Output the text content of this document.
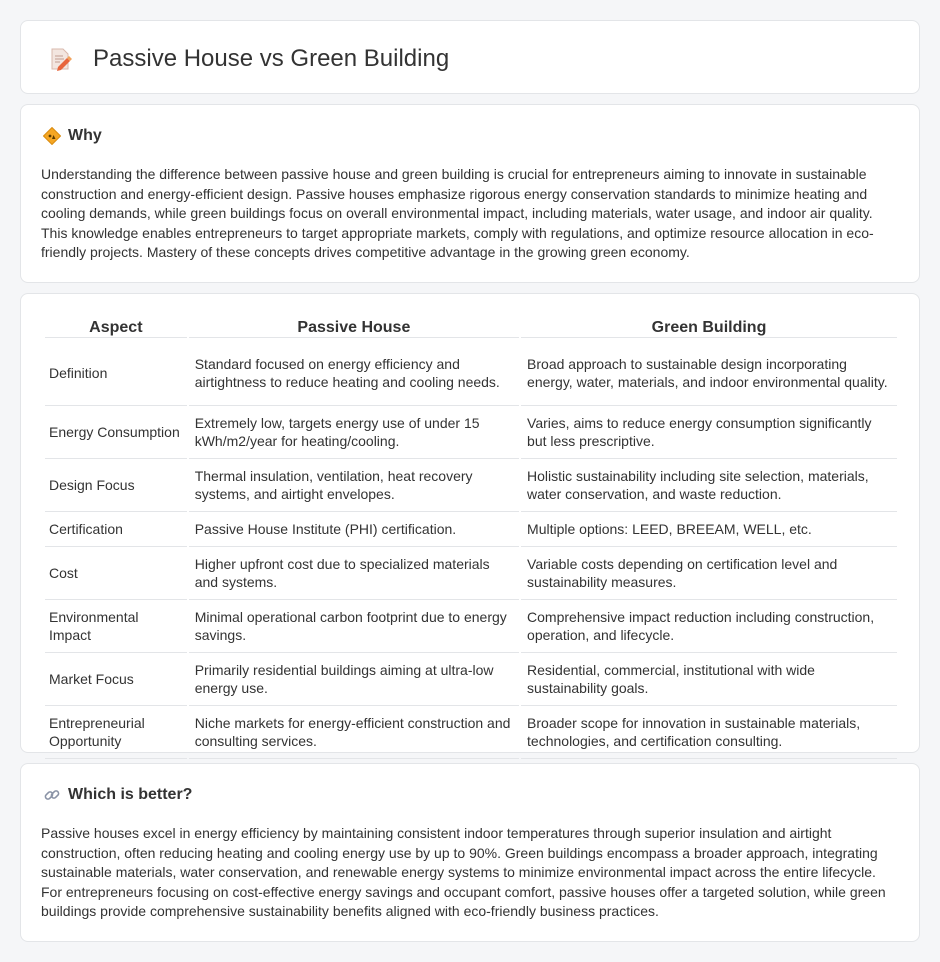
Passive House vs Green Building
Why

Understanding the difference between passive house and green building is crucial for entrepreneurs aiming to innovate in sustainable construction and energy-efficient design. Passive houses emphasize rigorous energy conservation standards to minimize heating and cooling demands, while green buildings focus on overall environmental impact, including materials, water usage, and indoor air quality. This knowledge enables entrepreneurs to target appropriate markets, comply with regulations, and optimize resource allocation in eco-friendly projects. Mastery of these concepts drives competitive advantage in the growing green economy.

Aspect	Passive House	Green Building
Definition	Standard focused on energy efficiency and airtightness to reduce heating and cooling needs.	Broad approach to sustainable design incorporating energy, water, materials, and indoor environmental quality.
Energy Consumption	Extremely low, targets energy use of under 15 kWh/m2/year for heating/cooling.	Varies, aims to reduce energy consumption significantly but less prescriptive.
Design Focus	Thermal insulation, ventilation, heat recovery systems, and airtight envelopes.	Holistic sustainability including site selection, materials, water conservation, and waste reduction.
Certification	Passive House Institute (PHI) certification.	Multiple options: LEED, BREEAM, WELL, etc.
Cost	Higher upfront cost due to specialized materials and systems.	Variable costs depending on certification level and sustainability measures.
Environmental Impact	Minimal operational carbon footprint due to energy savings.	Comprehensive impact reduction including construction, operation, and lifecycle.
Market Focus	Primarily residential buildings aiming at ultra-low energy use.	Residential, commercial, institutional with wide sustainability goals.
Entrepreneurial Opportunity	Niche markets for energy-efficient construction and consulting services.	Broader scope for innovation in sustainable materials, technologies, and certification consulting.
Which is better?

Passive houses excel in energy efficiency by maintaining consistent indoor temperatures through superior insulation and airtight construction, often reducing heating and cooling energy use by up to 90%. Green buildings encompass a broader approach, integrating sustainable materials, water conservation, and renewable energy systems to minimize environmental impact across the entire lifecycle. For entrepreneurs focusing on cost-effective energy savings and occupant comfort, passive houses offer a targeted solution, while green buildings provide comprehensive sustainability benefits aligned with eco-friendly business practices.
